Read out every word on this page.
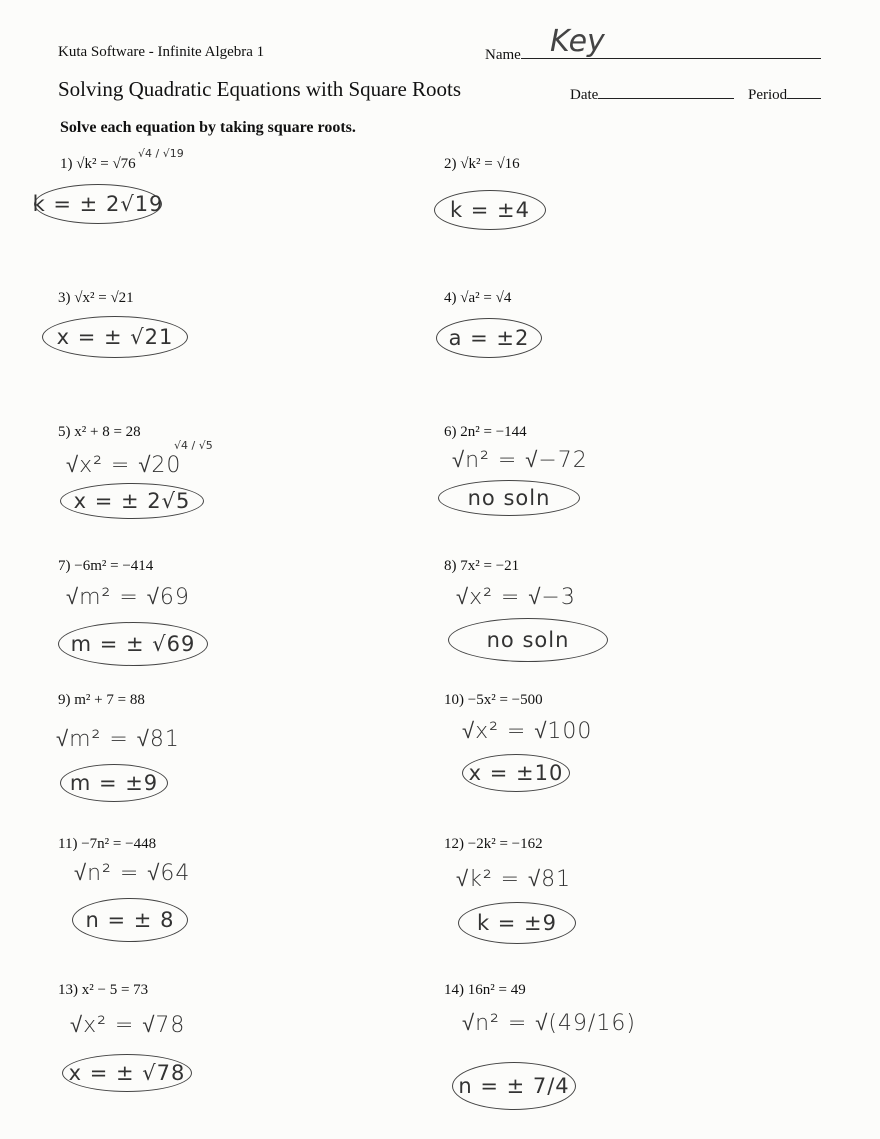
Kuta Software - Infinite Algebra 1	Name Key
Solving Quadratic Equations with Square Roots	Date	Period
Solve each equation by taking square roots.
1) √k² = √76
√4 / √19
k = ± 2√19
2) √k² = √16
k = ±4
3) √x² = √21
x = ± √21
4) √a² = √4
a = ±2
5) x² + 8 = 28
√4 / √5
√x² = √20
x = ± 2√5
6) 2n² = −144
√n² = √−72
no soln
7) −6m² = −414
√m² = √69
m = ± √69
8) 7x² = −21
√x² = √−3
no soln
9) m² + 7 = 88
√m² = √81
m = ±9
10) −5x² = −500
√x² = √100
x = ±10
11) −7n² = −448
√n² = √64
n = ± 8
12) −2k² = −162
√k² = √81
k = ±9
13) x² − 5 = 73
√x² = √78
x = ± √78
14) 16n² = 49
√n² = √(49/16)
n = ± 7/4
